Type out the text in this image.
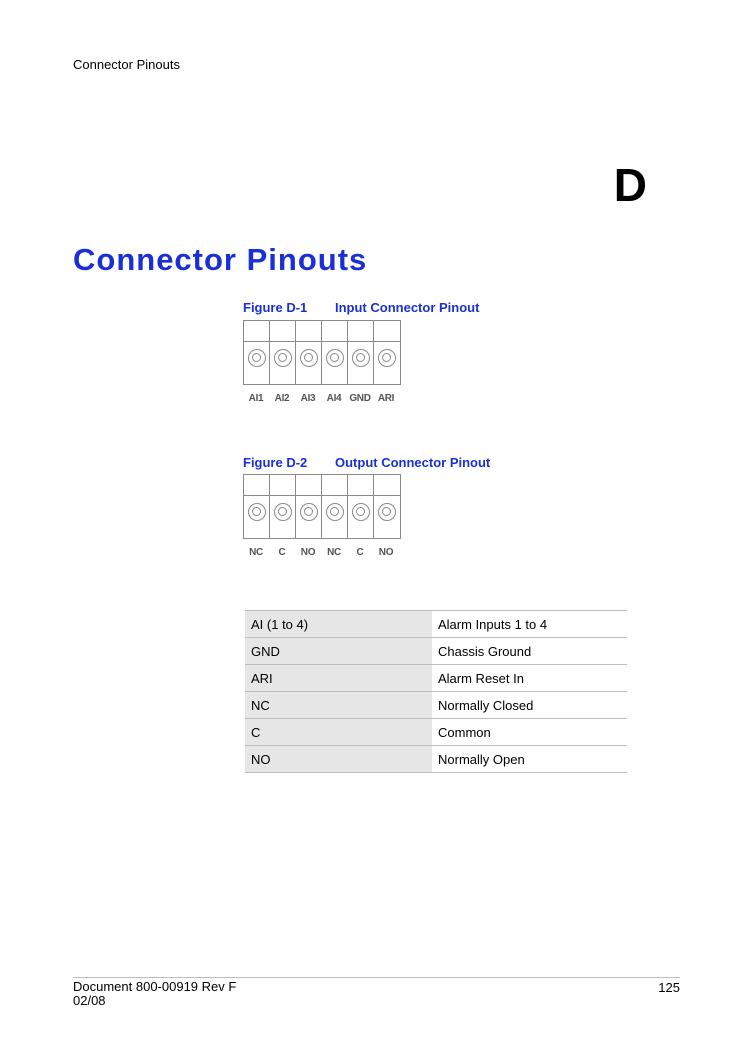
Connector Pinouts
D
Connector Pinouts
Figure D-1 Input Connector Pinout
AI1	AI2	AI3	AI4 GND ARI
Figure D-2 Output Connector Pinout
NC	C	NO	NC	C	NO
AI (1 to 4)	Alarm Inputs 1 to 4
GND	Chassis Ground
ARI	Alarm Reset In
NC	Normally Closed
C	Common
NO	Normally Open
Document 800-00919 Rev F
02/08
125
